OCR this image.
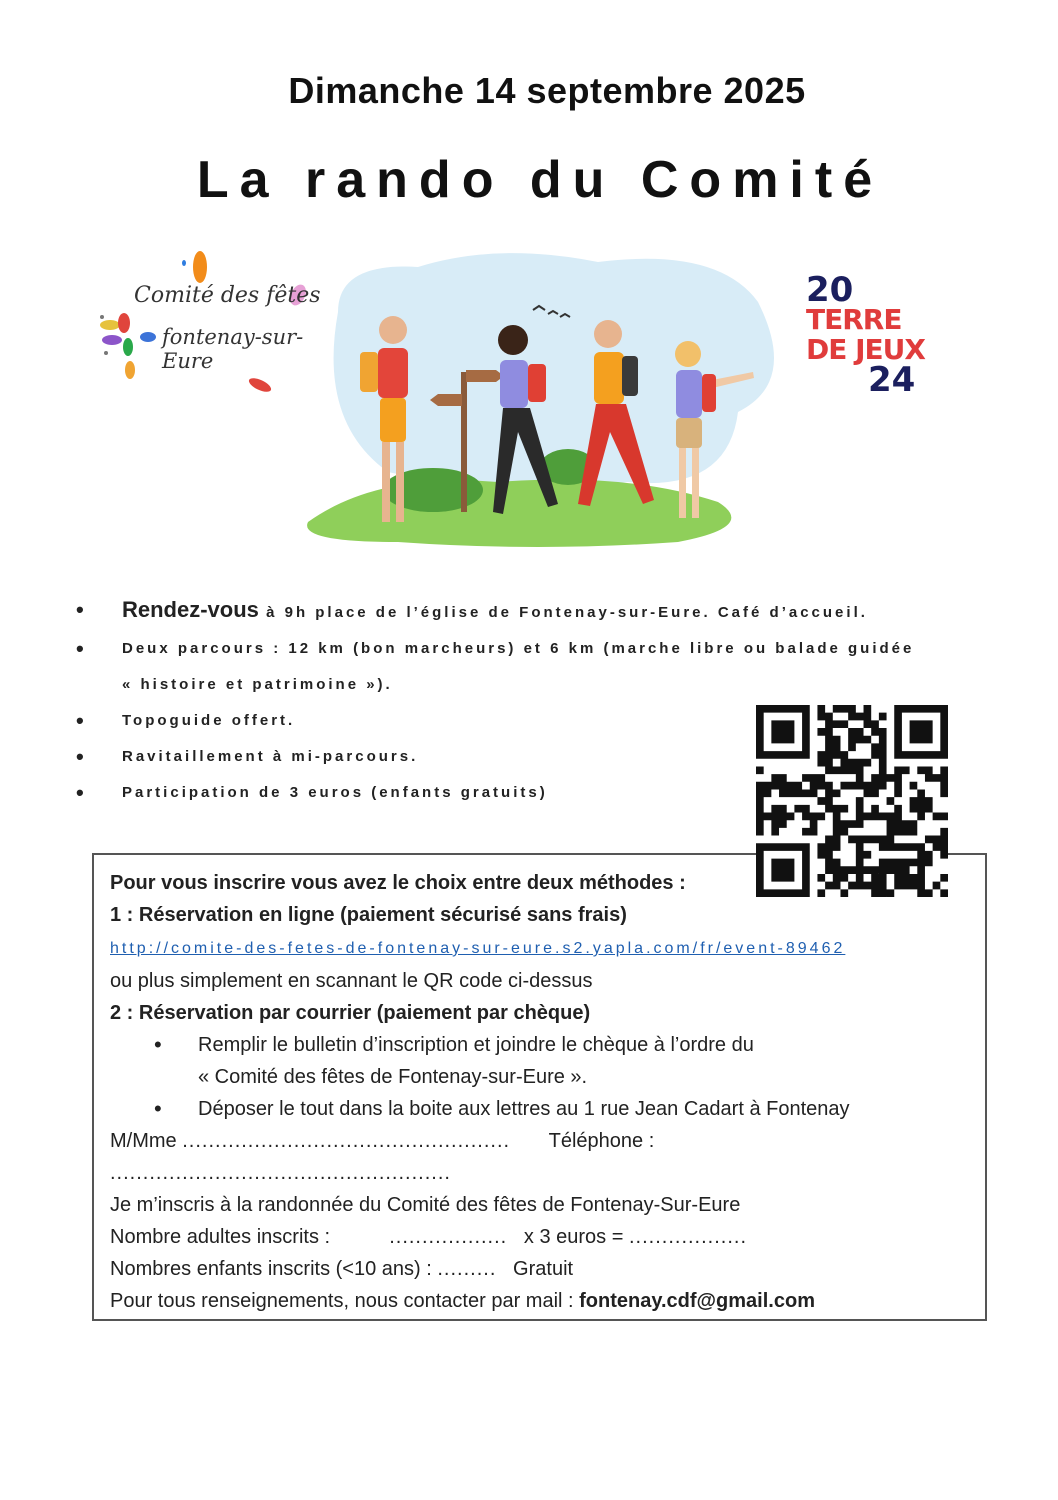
Dimanche 14 septembre 2025
La rando du Comité
Comité des fêtes
fontenay-sur-Eure
20
TERRE
DE JEUX
24
• Rendez-vous à 9h place de l’église de Fontenay-sur-Eure. Café d’accueil.
• Deux parcours : 12 km (bon marcheurs) et 6 km (marche libre ou balade guidée « histoire et patrimoine »).
• Topoguide offert.
• Ravitaillement à mi-parcours.
• Participation de 3 euros (enfants gratuits)
Pour vous inscrire vous avez le choix entre deux méthodes :
1 : Réservation en ligne (paiement sécurisé sans frais)
http://comite-des-fetes-de-fontenay-sur-eure.s2.yapla.com/fr/event-89462
ou plus simplement en scannant le QR code ci-dessus
2 : Réservation par courrier (paiement par chèque)
• Remplir le bulletin d’inscription et joindre le chèque à l’ordre du
« Comité des fêtes de Fontenay-sur-Eure ».
• Déposer le tout dans la boite aux lettres au 1 rue Jean Cadart à Fontenay
M/Mme .................................................. Téléphone : ....................................................
Je m’inscris à la randonnée du Comité des fêtes de Fontenay-Sur-Eure
Nombre adultes inscrits :	.................. x 3 euros = ..................
Nombres enfants inscrits (<10 ans) : ......... Gratuit
Pour tous renseignements, nous contacter par mail : fontenay.cdf@gmail.com
